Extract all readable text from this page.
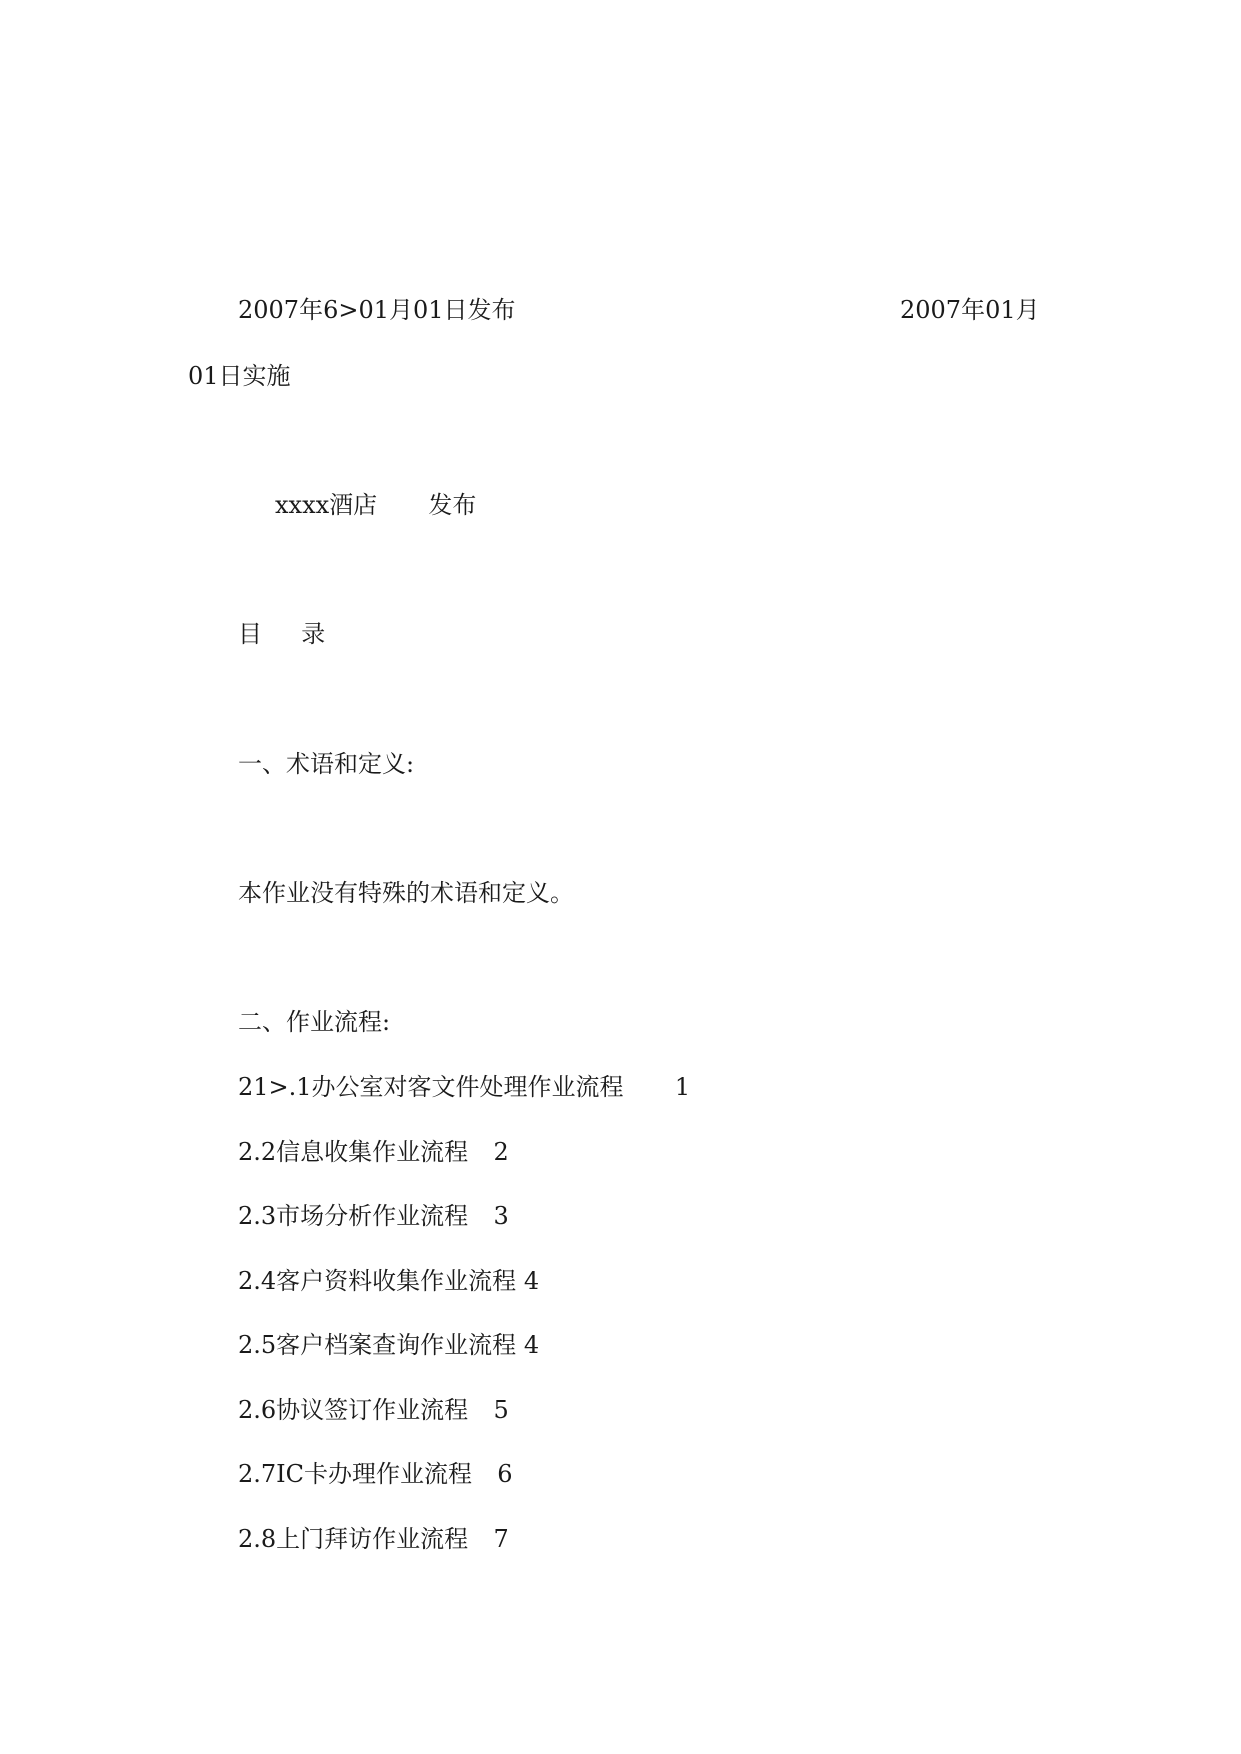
2007年6>01月01日发布	2007年01月
01日实施
xxxx酒店 发布
目 录
一、术语和定义:
本作业没有特殊的术语和定义。
二、作业流程:
21>.1办公室对客文件处理作业流程 1
2.2信息收集作业流程 2
2.3市场分析作业流程 3
2.4客户资料收集作业流程 4
2.5客户档案查询作业流程 4
2.6协议签订作业流程 5
2.7IC卡办理作业流程 6
2.8上门拜访作业流程 7
